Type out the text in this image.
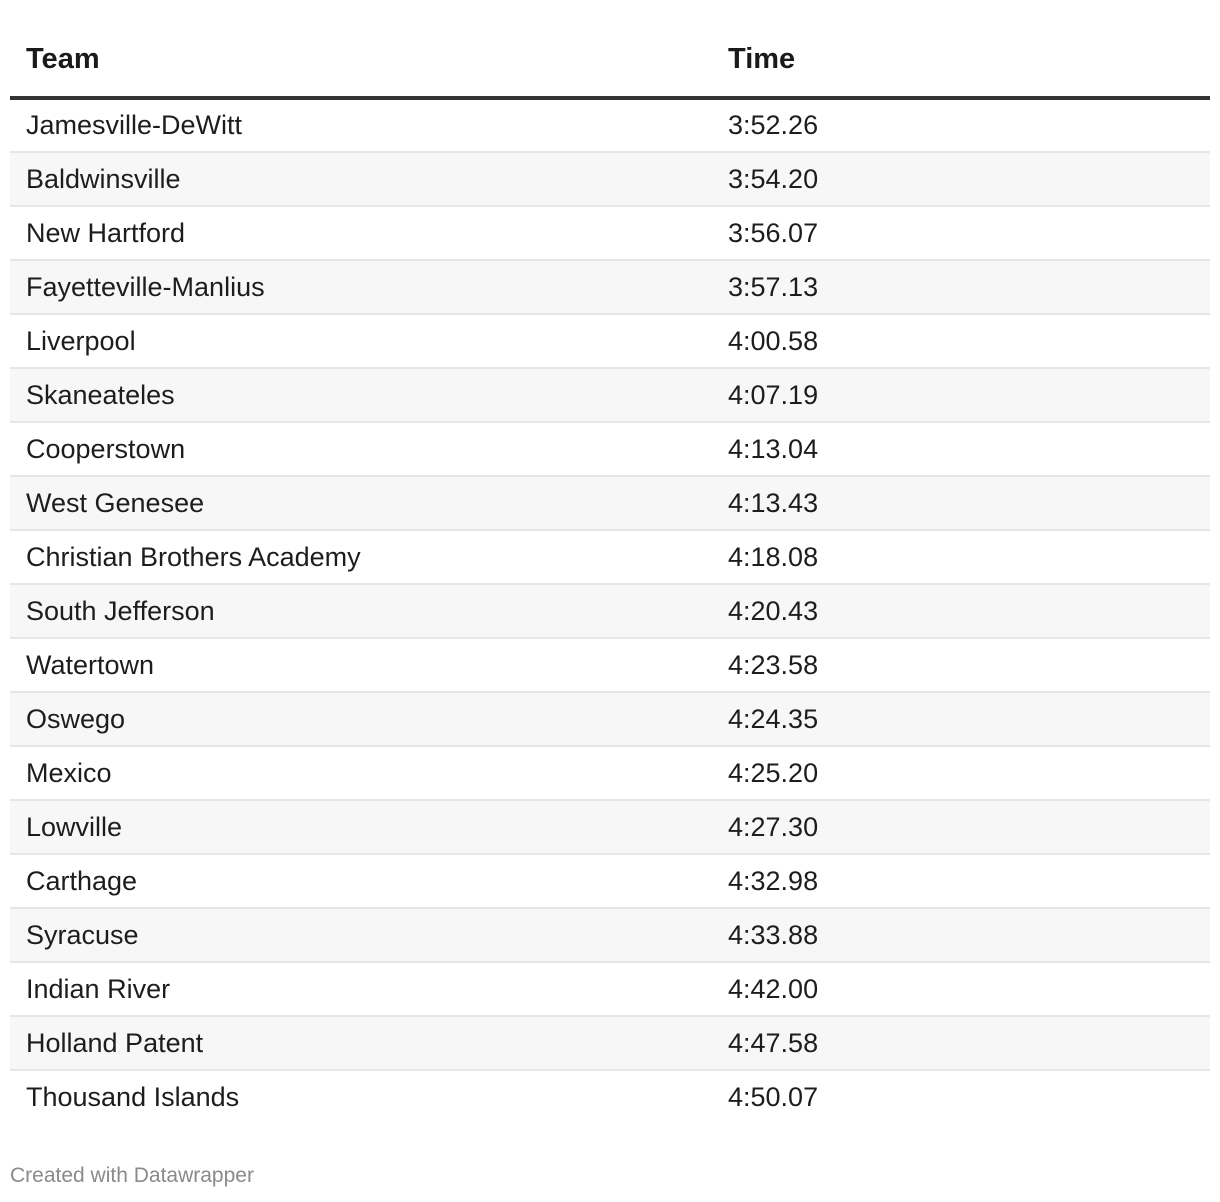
Team	Time
Jamesville-DeWitt	3:52.26
Baldwinsville	3:54.20
New Hartford	3:56.07
Fayetteville-Manlius	3:57.13
Liverpool	4:00.58
Skaneateles	4:07.19
Cooperstown	4:13.04
West Genesee	4:13.43
Christian Brothers Academy	4:18.08
South Jefferson	4:20.43
Watertown	4:23.58
Oswego	4:24.35
Mexico	4:25.20
Lowville	4:27.30
Carthage	4:32.98
Syracuse	4:33.88
Indian River	4:42.00
Holland Patent	4:47.58
Thousand Islands	4:50.07
Created with Datawrapper
